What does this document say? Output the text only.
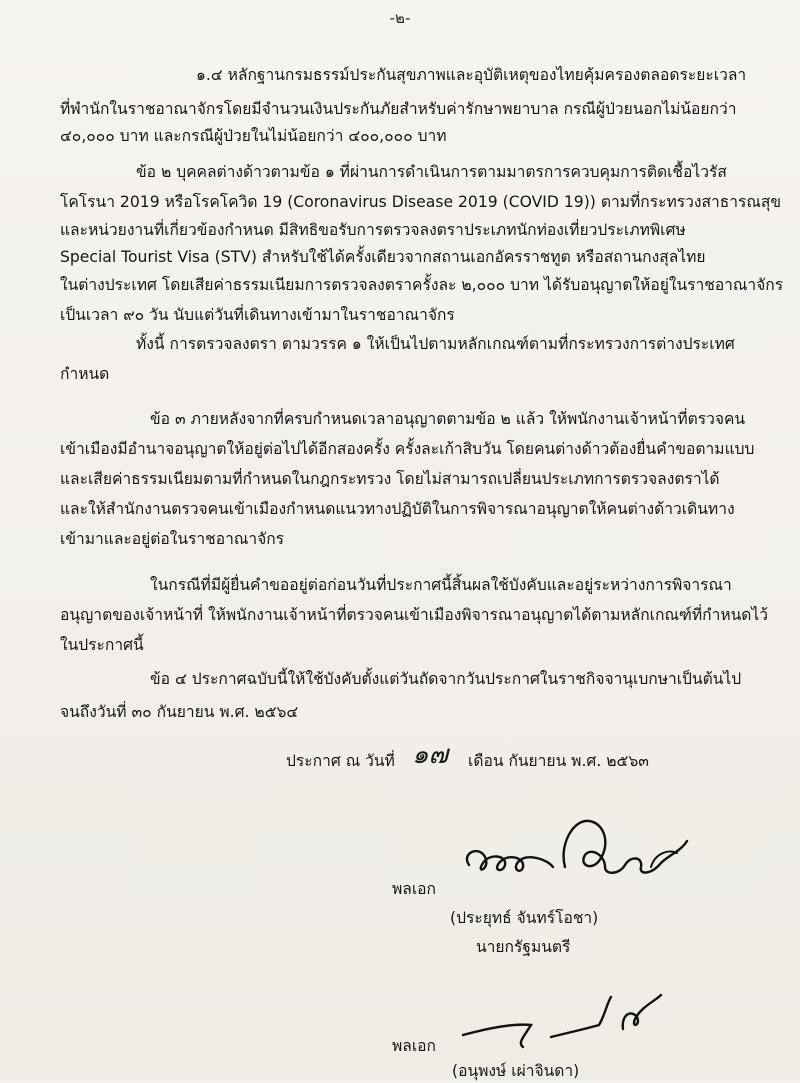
-๒-
๑.๔ หลักฐานกรมธรรม์ประกันสุขภาพและอุบัติเหตุของไทยคุ้มครองตลอดระยะเวลา
ที่พำนักในราชอาณาจักรโดยมีจำนวนเงินประกันภัยสำหรับค่ารักษาพยาบาล กรณีผู้ป่วยนอกไม่น้อยกว่า
๔๐,๐๐๐ บาท และกรณีผู้ป่วยในไม่น้อยกว่า ๔๐๐,๐๐๐ บาท
ข้อ ๒ บุคคลต่างด้าวตามข้อ ๑ ที่ผ่านการดำเนินการตามมาตรการควบคุมการติดเชื้อไวรัส
โคโรนา 2019 หรือโรคโควิด 19 (Coronavirus Disease 2019 (COVID 19)) ตามที่กระทรวงสาธารณสุข
และหน่วยงานที่เกี่ยวข้องกำหนด มีสิทธิขอรับการตรวจลงตราประเภทนักท่องเที่ยวประเภทพิเศษ
Special Tourist Visa (STV) สำหรับใช้ได้ครั้งเดียวจากสถานเอกอัครราชทูต หรือสถานกงสุลไทย
ในต่างประเทศ โดยเสียค่าธรรมเนียมการตรวจลงตราครั้งละ ๒,๐๐๐ บาท ได้รับอนุญาตให้อยู่ในราชอาณาจักร
เป็นเวลา ๙๐ วัน นับแต่วันที่เดินทางเข้ามาในราชอาณาจักร
ทั้งนี้ การตรวจลงตรา ตามวรรค ๑ ให้เป็นไปตามหลักเกณฑ์ตามที่กระทรวงการต่างประเทศ
กำหนด
ข้อ ๓ ภายหลังจากที่ครบกำหนดเวลาอนุญาตตามข้อ ๒ แล้ว ให้พนักงานเจ้าหน้าที่ตรวจคน
เข้าเมืองมีอำนาจอนุญาตให้อยู่ต่อไปได้อีกสองครั้ง ครั้งละเก้าสิบวัน โดยคนต่างด้าวต้องยื่นคำขอตามแบบ
และเสียค่าธรรมเนียมตามที่กำหนดในกฎกระทรวง โดยไม่สามารถเปลี่ยนประเภทการตรวจลงตราได้
และให้สำนักงานตรวจคนเข้าเมืองกำหนดแนวทางปฏิบัติในการพิจารณาอนุญาตให้คนต่างด้าวเดินทาง
เข้ามาและอยู่ต่อในราชอาณาจักร
ในกรณีที่มีผู้ยื่นคำขออยู่ต่อก่อนวันที่ประกาศนี้สิ้นผลใช้บังคับและอยู่ระหว่างการพิจารณา
อนุญาตของเจ้าหน้าที่ ให้พนักงานเจ้าหน้าที่ตรวจคนเข้าเมืองพิจารณาอนุญาตได้ตามหลักเกณฑ์ที่กำหนดไว้
ในประกาศนี้
ข้อ ๔ ประกาศฉบับนี้ให้ใช้บังคับตั้งแต่วันถัดจากวันประกาศในราชกิจจานุเบกษาเป็นต้นไป
จนถึงวันที่ ๓๐ กันยายน พ.ศ. ๒๕๖๔
ประกาศ ณ วันที่ ๑๗ เดือน กันยายน พ.ศ. ๒๕๖๓
พลเอก
(ประยุทธ์ จันทร์โอชา)
นายกรัฐมนตรี
พลเอก
(อนุพงษ์ เผ่าจินดา)
